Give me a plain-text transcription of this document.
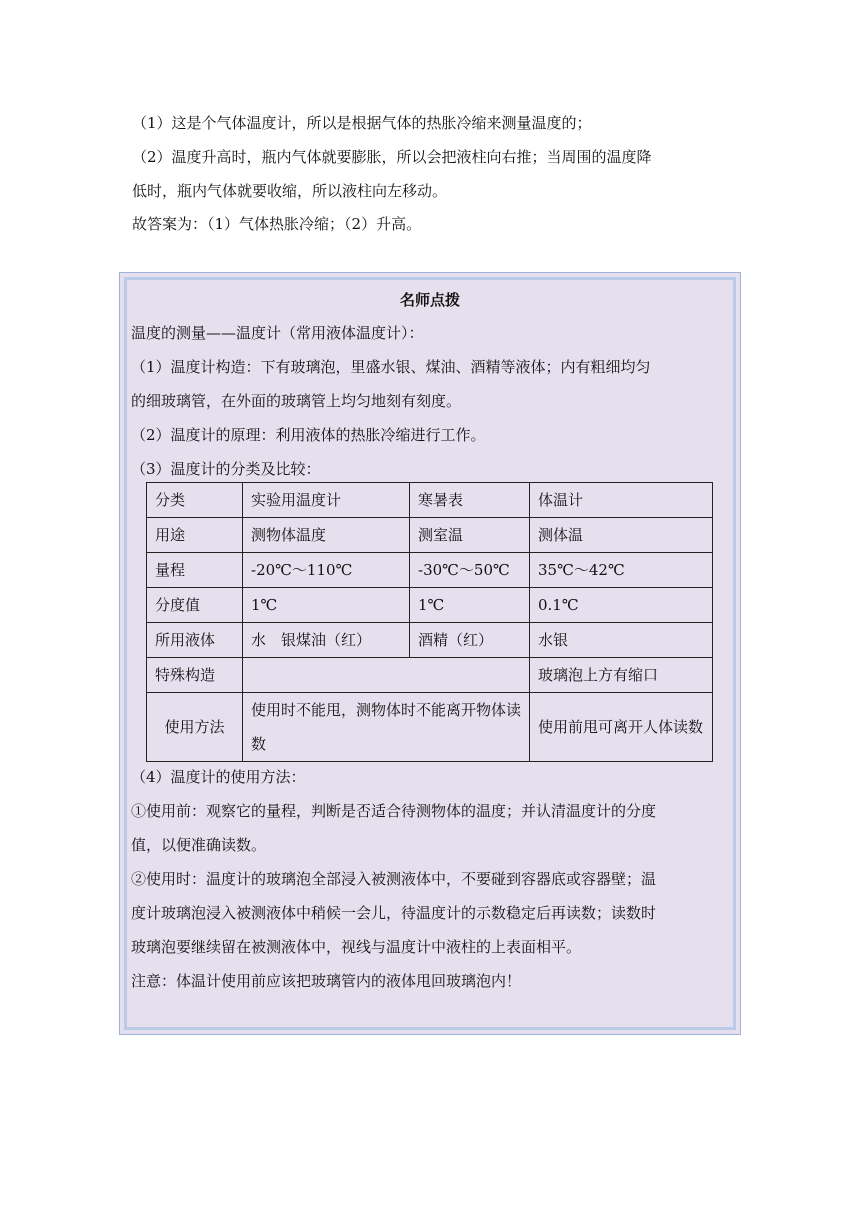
（1）这是个气体温度计，所以是根据气体的热胀冷缩来测量温度的；
（2）温度升高时，瓶内气体就要膨胀，所以会把液柱向右推；当周围的温度降
低时，瓶内气体就要收缩，所以液柱向左移动。
故答案为：（1）气体热胀冷缩；（2）升高。
名师点拨
温度的测量——温度计（常用液体温度计）：
（1）温度计构造：下有玻璃泡，里盛水银、煤油、酒精等液体；内有粗细均匀
的细玻璃管，在外面的玻璃管上均匀地刻有刻度。
（2）温度计的原理：利用液体的热胀冷缩进行工作。
（3）温度计的分类及比较：
分类	实验用温度计	寒暑表	体温计
用途	测物体温度	测室温	测体温
量程	-20℃～110℃	-30℃～50℃	35℃～42℃
分度值	1℃	1℃	0.1℃
所用液体	水　银煤油（红）	酒精（红）	水银
特殊构造			玻璃泡上方有缩口
使用方法	使用时不能甩，测物体时不能离开物体读数		使用前甩可离开人体读数
（4）温度计的使用方法：
①使用前：观察它的量程，判断是否适合待测物体的温度；并认清温度计的分度
值，以便准确读数。
②使用时：温度计的玻璃泡全部浸入被测液体中，不要碰到容器底或容器壁；温
度计玻璃泡浸入被测液体中稍候一会儿，待温度计的示数稳定后再读数；读数时
玻璃泡要继续留在被测液体中，视线与温度计中液柱的上表面相平。
注意：体温计使用前应该把玻璃管内的液体甩回玻璃泡内！
